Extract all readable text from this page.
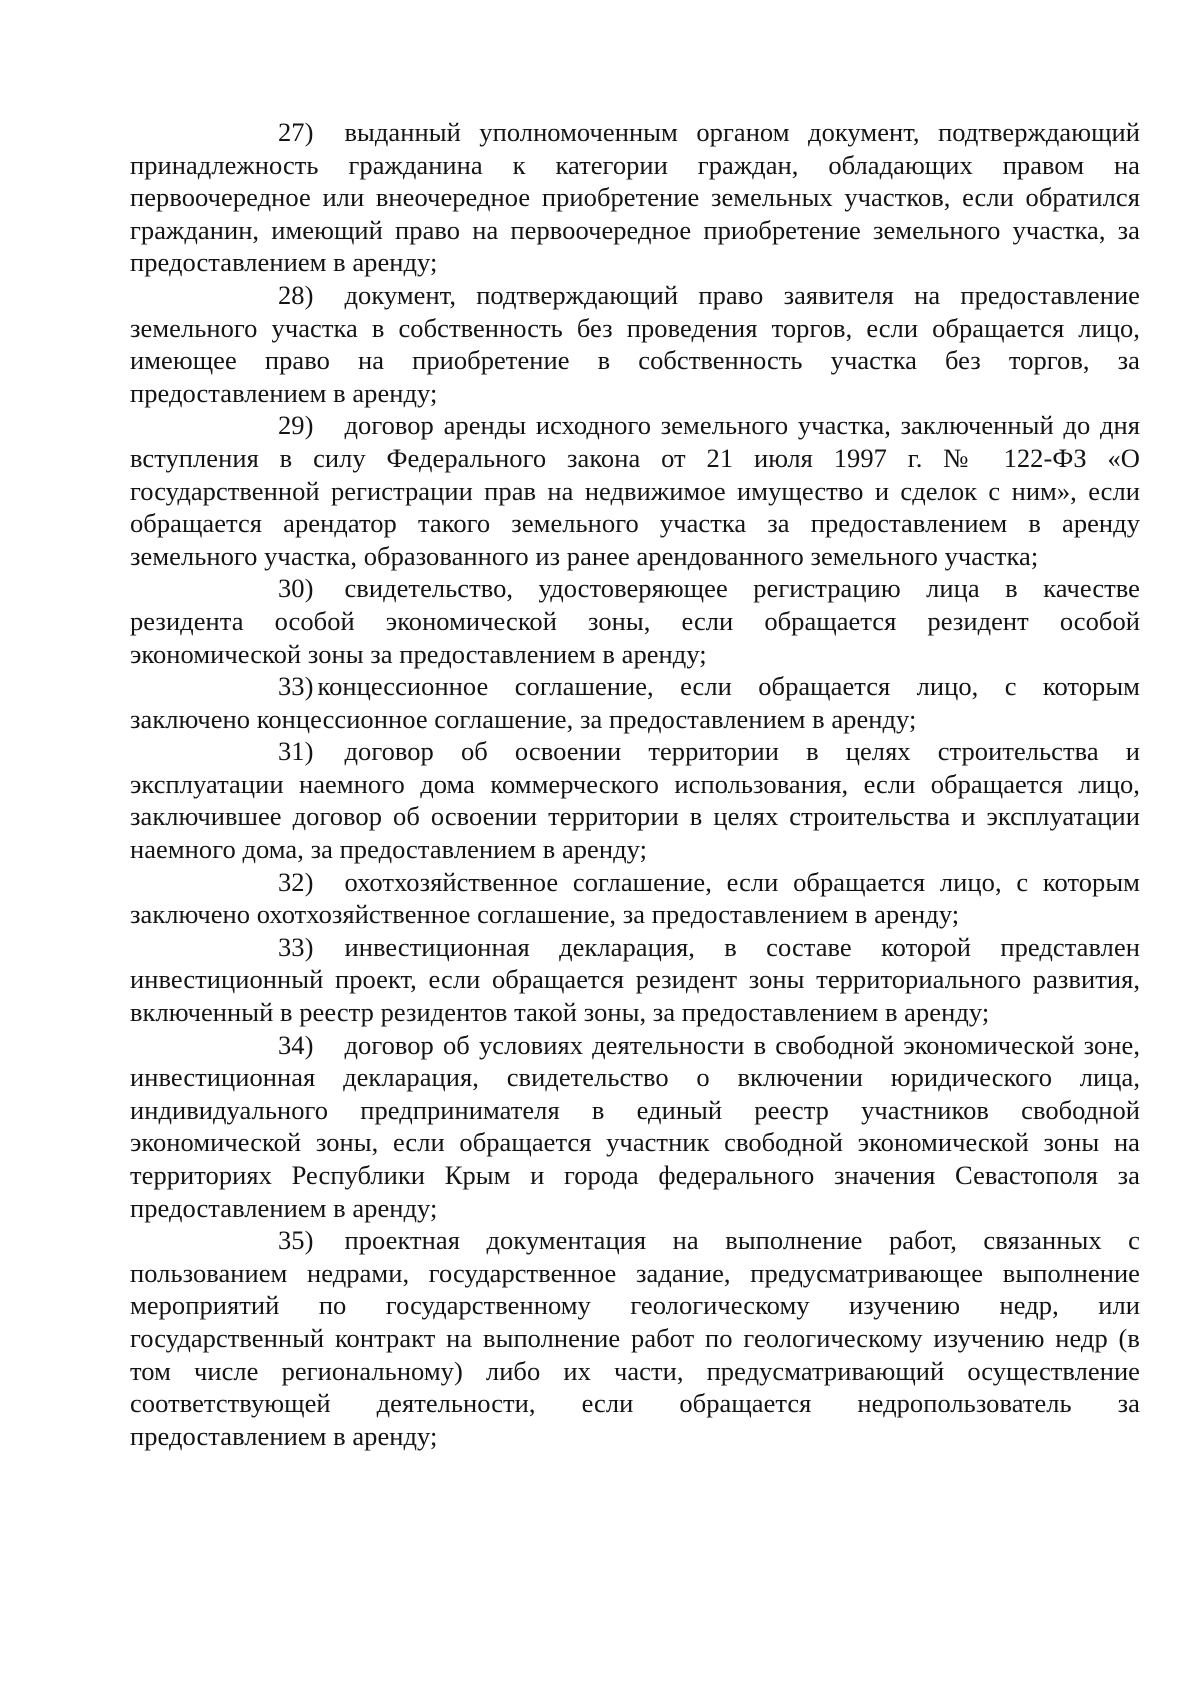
27) выданный уполномоченным органом документ, подтверждающий принадлежность гражданина к категории граждан, обладающих правом на первоочередное или внеочередное приобретение земельных участков, если обратился гражданин, имеющий право на первоочередное приобретение земельного участка, за предоставлением в аренду;

28) документ, подтверждающий право заявителя на предоставление земельного участка в собственность без проведения торгов, если обращается лицо, имеющее право на приобретение в собственность участка без торгов, за предоставлением в аренду;

29) договор аренды исходного земельного участка, заключенный до дня вступления в силу Федерального закона от 21 июля 1997 г. № 122-ФЗ «О государственной регистрации прав на недвижимое имущество и сделок с ним», если обращается арендатор такого земельного участка за предоставлением в аренду земельного участка, образованного из ранее арендованного земельного участка;

30) свидетельство, удостоверяющее регистрацию лица в качестве резидента особой экономической зоны, если обращается резидент особой экономической зоны за предоставлением в аренду;

33) концессионное соглашение, если обращается лицо, с которым заключено концессионное соглашение, за предоставлением в аренду;

31) договор об освоении территории в целях строительства и эксплуатации наемного дома коммерческого использования, если обращается лицо, заключившее договор об освоении территории в целях строительства и эксплуатации наемного дома, за предоставлением в аренду;

32) охотхозяйственное соглашение, если обращается лицо, с которым заключено охотхозяйственное соглашение, за предоставлением в аренду;

33) инвестиционная декларация, в составе которой представлен инвестиционный проект, если обращается резидент зоны территориального развития, включенный в реестр резидентов такой зоны, за предоставлением в аренду;

34) договор об условиях деятельности в свободной экономической зоне, инвестиционная декларация, свидетельство о включении юридического лица, индивидуального предпринимателя в единый реестр участников свободной экономической зоны, если обращается участник свободной экономической зоны на территориях Республики Крым и города федерального значения Севастополя за предоставлением в аренду;

35) проектная документация на выполнение работ, связанных с пользованием недрами, государственное задание, предусматривающее выполнение мероприятий по государственному геологическому изучению недр, или государственный контракт на выполнение работ по геологическому изучению недр (в том числе региональному) либо их части, предусматривающий осуществление соответствующей деятельности, если обращается недропользователь за предоставлением в аренду;
